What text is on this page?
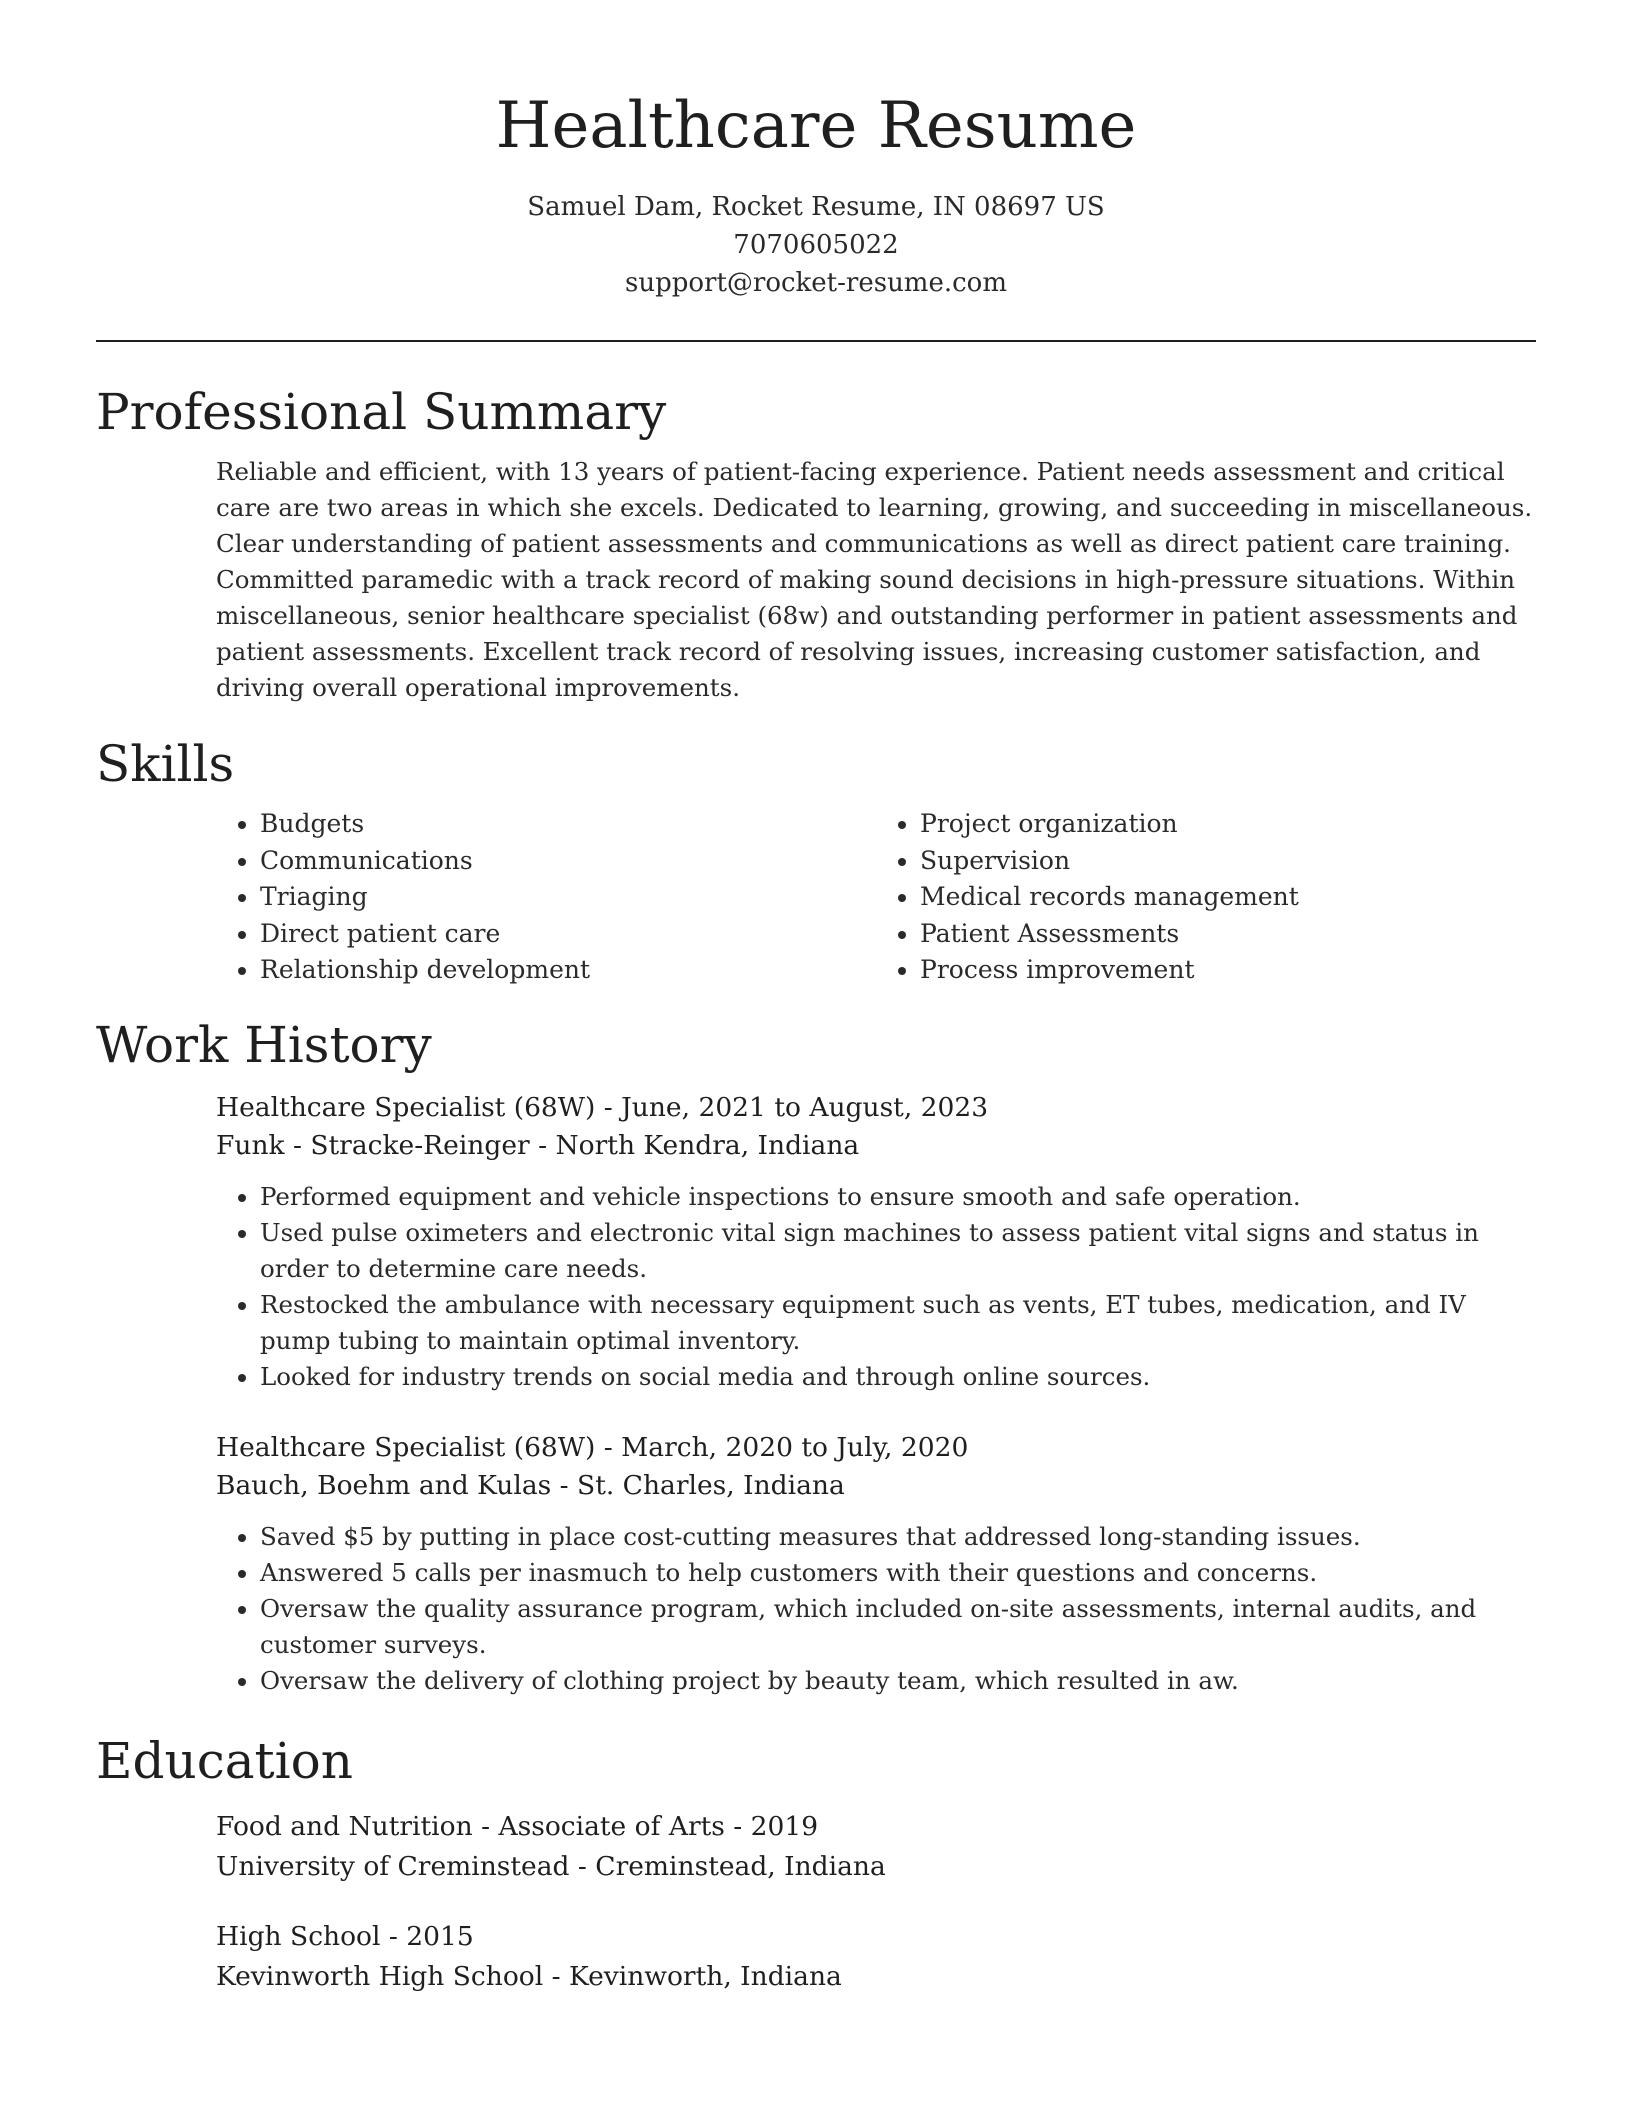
Healthcare Resume
Samuel Dam, Rocket Resume, IN 08697 US
7070605022
support@rocket-resume.com
Professional Summary

Reliable and efficient, with 13 years of patient-facing experience. Patient needs assessment and critical care are two areas in which she excels. Dedicated to learning, growing, and succeeding in miscellaneous. Clear understanding of patient assessments and communications as well as direct patient care training. Committed paramedic with a track record of making sound decisions in high-pressure situations. Within miscellaneous, senior healthcare specialist (68w) and outstanding performer in patient assessments and patient assessments. Excellent track record of resolving issues, increasing customer satisfaction, and driving overall operational improvements.

Skills
• Budgets
• Communications
• Triaging
• Direct patient care
• Relationship development
• Project organization
• Supervision
• Medical records management
• Patient Assessments
• Process improvement
Work History
Healthcare Specialist (68W) - June, 2021 to August, 2023
Funk - Stracke-Reinger - North Kendra, Indiana
• Performed equipment and vehicle inspections to ensure smooth and safe operation.
• Used pulse oximeters and electronic vital sign machines to assess patient vital signs and status in order to determine care needs.
• Restocked the ambulance with necessary equipment such as vents, ET tubes, medication, and IV pump tubing to maintain optimal inventory.
• Looked for industry trends on social media and through online sources.
Healthcare Specialist (68W) - March, 2020 to July, 2020
Bauch, Boehm and Kulas - St. Charles, Indiana
• Saved $5 by putting in place cost-cutting measures that addressed long-standing issues.
• Answered 5 calls per inasmuch to help customers with their questions and concerns.
• Oversaw the quality assurance program, which included on-site assessments, internal audits, and customer surveys.
• Oversaw the delivery of clothing project by beauty team, which resulted in aw.
Education
Food and Nutrition - Associate of Arts - 2019
University of Creminstead - Creminstead, Indiana
High School - 2015
Kevinworth High School - Kevinworth, Indiana
